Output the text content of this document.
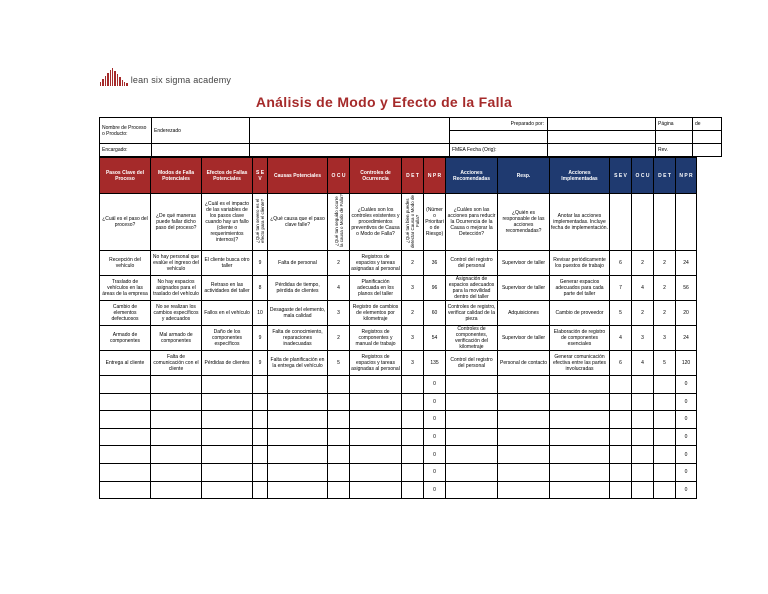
lean six sigma academy
Análisis de Modo y Efecto de la Falla
Nombre de Proceso o Producto:	Enderezado		Preparado por:		Página	de

Encargado:			FMEA Fecha (Orig):		Rev.	
Pasos Clave del Proceso	Modos de Falla Potenciales	Efectos de Fallas Potenciales	S E V	Causas Potenciales	O C U	Controles de Ocurrencia	D E T	N P R	Acciones Recomendadas	Resp.	Acciones Implementadas	S E V	O C U	D E T	N P R
¿Cuál es el paso del proceso?	¿De qué maneras puede fallar dicho paso del proceso?	¿Cuál es el impacto de las variables de los pasos clave cuando hay un fallo (cliente o requerimientos internos)?	¿Qué tan severo es el efecto para el cliente?	¿Qué causa que el paso clave falle?	¿Qué tan seguido ocurre la causa o Modo de Falla?	¿Cuáles son los controles existentes y procedimientos preventivos de Causa o Modo de Falla?	¿Qué tan bien puedes detectar Causa o Modo de Falla?	(Número Prioritario de Riesgo)	¿Cuáles son las acciones para reducir la Ocurrencia de la Causa o mejorar la Detección?	¿Quién es responsable de las acciones recomendadas?	Anotar las acciones implementadas. Incluye fecha de implementación.				
Recepción del vehículo	No hay personal que evalúe el ingreso del vehículo	El cliente busca otro taller	9	Falta de personal	2	Registros de espacios y tareas asignadas al personal	2	36	Control del registro del personal	Supervisor de taller	Revisar periódicamente los puestos de trabajo	6	2	2	24
Traslado de vehículos en las áreas de la empresa	No hay espacios asignados para el traslado del vehículo	Retraso en las actividades del taller	8	Pérdidas de tiempo, pérdida de clientes	4	Planificación adecuada en los planos del taller	3	96	Asignación de espacios adecuados para la movilidad dentro del taller	Supervisor de taller	Generar espacios adecuados para cada parte del taller	7	4	2	56
Cambio de elementos defectuosos	No se realizan los cambios específicos y adecuados	Fallos en el vehículo	10	Desagaste del elemento, mala calidad	3	Registro de cambios de elementos por kilometraje	2	60	Controles de registro, verificar calidad de la pieza	Adquisiciones	Cambio de proveedor	5	2	2	20
Armado de componentes	Mal armado de componentes	Daño de los componentes específicos	9	Falta de conocimiento, reparaciones inadecuadas	2	Registros de componentes y manual de trabajo	3	54	Controles de componentes, verificación del kilometraje	Supervisor de taller	Elaboración de registro de componentes esenciales	4	3	3	24
Entrega al cliente	Falta de comunicación con el cliente	Pérdidas de clientes	9	Falta de planificación en la entrega del vehículo	5	Registros de espacios y tareas asignadas al personal	3	135	Control del registro del personal	Personal de contacto	Generar comunicación efectiva entre las partes involucradas	6	4	5	120
								0							0
								0							0
								0							0
								0							0
								0							0
								0							0
								0							0
